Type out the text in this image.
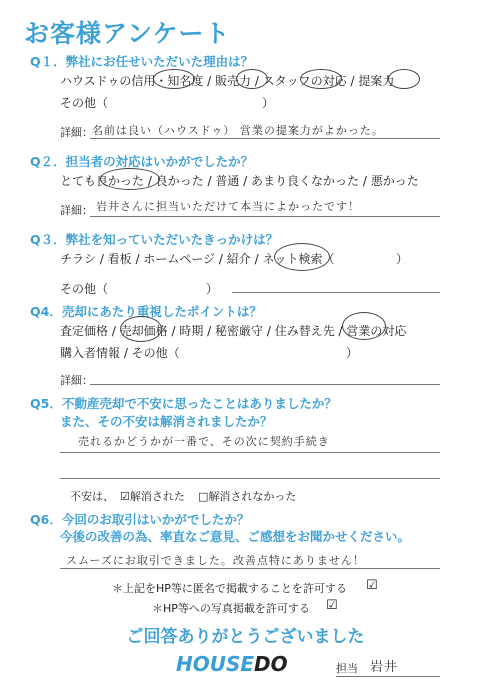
お客様アンケート
Q１．弊社にお任せいただいた理由は？
ハウスドゥの信用・知名度 / 販売力 / スタッフの対応 / 提案力
その他（	）
詳細： 名前は良い（ハウスドゥ） 営業の提案力がよかった。
Q２．担当者の対応はいかがでしたか？
とても良かった / 良かった / 普通 / あまり良くなかった / 悪かった
詳細： 岩井さんに担当いただけて本当によかったです！
Q３．弊社を知っていただいたきっかけは？
チラシ / 看板 / ホームページ / 紹介 / ネット検索（	）
その他（	）
Q4．売却にあたり重視したポイントは？
査定価格 / 売却価格 / 時期 / 秘密厳守 / 住み替え先 / 営業の対応
購入者情報 / その他（	）
詳細：
Q5．不動産売却で不安に思ったことはありましたか？
また、その不安は解消されましたか？
売れるかどうかが一番で、その次に契約手続き
不安は、 ☑解消された □解消されなかった
Q6．今回のお取引はいかがでしたか？
今後の改善の為、率直なご意見、ご感想をお聞かせください。
スムーズにお取引できました。改善点特にありません！
＊上記をHP等に匿名で掲載することを許可する ☑
＊HP等への写真掲載を許可する ☑
ご回答ありがとうございました
HOUSEDO	担当 岩井
